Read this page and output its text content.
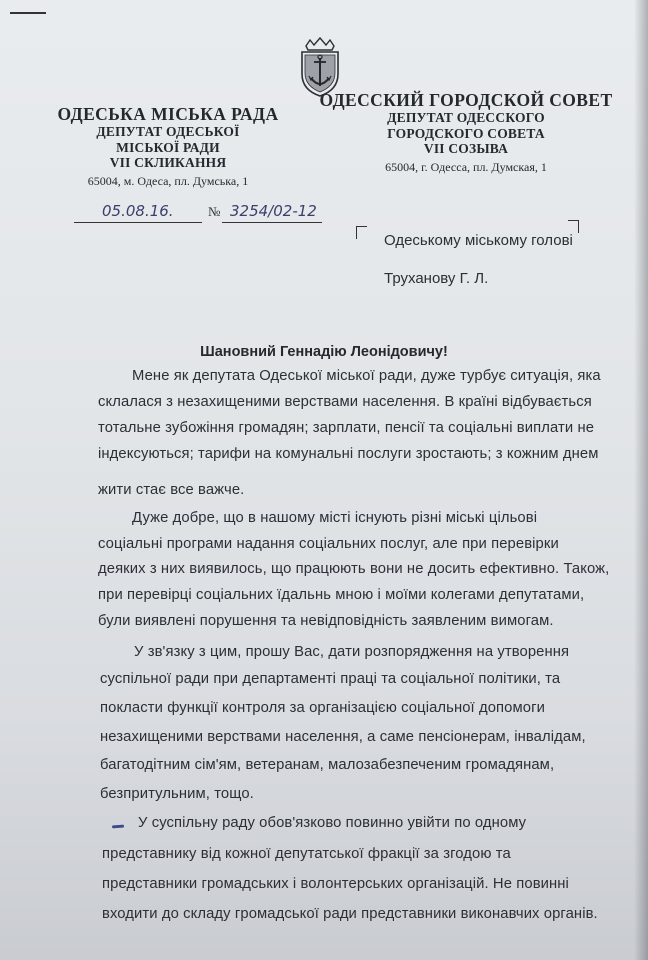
ОДЕСЬКА МІСЬКА РАДА
ДЕПУТАТ ОДЕСЬКОЇ
МІСЬКОЇ РАДИ
VII СКЛИКАННЯ
65004, м. Одеса, пл. Думська, 1
ОДЕССКИЙ ГОРОДСКОЙ СОВЕТ
ДЕПУТАТ ОДЕССКОГО
ГОРОДСКОГО СОВЕТА
VII СОЗЫВА
65004, г. Одесса, пл. Думская, 1
05.08.16.	№ 3254/02-12
Одеському міському голові
Труханову Г. Л.
Шановний Геннадію Леонідовичу!
Мене як депутата Одеської міської ради, дуже турбує ситуація, яка
склалася з незахищеними верствами населення. В країні відбувається
тотальне зубожіння громадян; зарплати, пенсії та соціальні виплати не
індексуються; тарифи на комунальні послуги зростають; з кожним днем
жити стає все важче.
Дуже добре, що в нашому місті існують різні міські цільові
соціальні програми надання соціальних послуг, але при перевірки
деяких з них виявилось, що працюють вони не досить ефективно. Також,
при перевірці соціальних їдальнь мною і моїми колегами депутатами,
були виявлені порушення та невідповідність заявленим вимогам.
У зв'язку з цим, прошу Вас, дати розпорядження на утворення
суспільної ради при департаменті праці та соціальної політики, та
покласти функції контроля за організацією соціальної допомоги
незахищеними верствами населення, а саме пенсіонерам, інвалідам,
багатодітним сім'ям, ветеранам, малозабезпеченим громадянам,
безпритульним, тощо.
У суспільну раду обов'язково повинно увійти по одному
представнику від кожної депутатської фракції за згодою та
представники громадських і волонтерських організацій. Не повинні
входити до складу громадської ради представники виконавчих органів.
